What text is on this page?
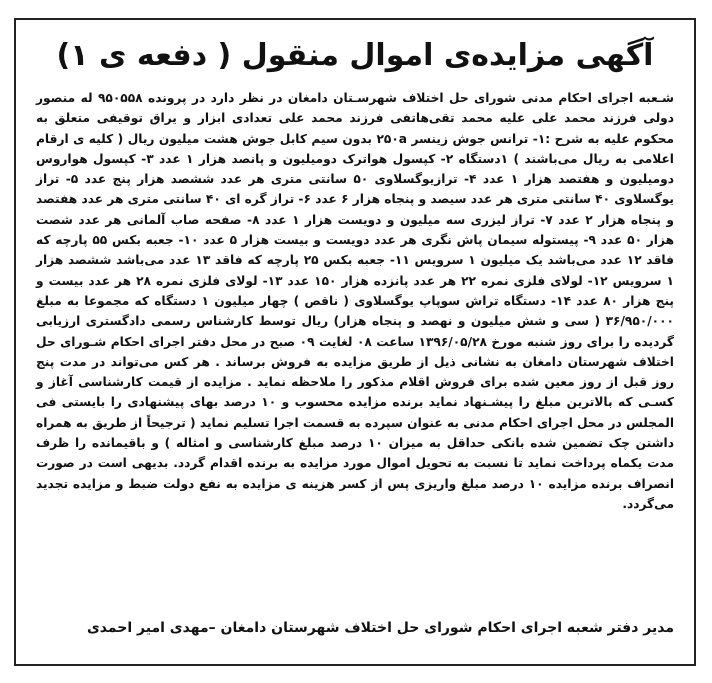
آگهی مزایده‌ی اموال منقول ( دفعه ی ۱)

شـعبه اجرای احکام مدنی شورای حل اختلاف شهرسـتان دامغان در نظر دارد در پرونده ۹۵۰۵۵۸ له منصور دولی فرزند محمد علی علیه محمد تقی‌هاتفی فرزند محمد علی تعدادی ابزار و یراق توقیفی متعلق به محکوم علیه به شرح :۱- ترانس جوش زینسر ۲۵۰a بدون سیم کابل جوش هشت میلیون ریال ( کلیه ی ارقام اعلامی به ریال می‌باشند ) ۱دستگاه ۲- کپسول هواترک دومیلیون و پانصد هزار ۱ عدد ۳- کپسول هواروس دومیلیون و هفتصد هزار ۱ عدد ۴- ترازیوگسلاوی ۵۰ سانتی متری هر عدد ششصد هزار پنج عدد ۵- تراز یوگسلاوی ۴۰ سانتی متری هر عدد سیصد و پنجاه هزار ۶ عدد ۶- تراز گره ای ۴۰ سانتی متری هر عدد هفتصد و پنجاه هزار ۲ عدد ۷- تراز لیزری سه میلیون و دویست هزار ۱ عدد ۸- صفحه صاب آلمانی هر عدد شصت هزار ۵۰ عدد ۹- پیستوله سیمان پاش نگری هر عدد دویست و بیست هزار ۵ عدد ۱۰- جعبه بکس ۵۵ پارچه که فاقد ۱۲ عدد می‌باشد یک میلیون ۱ سرویس ۱۱- جعبه بکس ۲۵ پارچه که فاقد ۱۳ عدد می‌باشد ششصد هزار ۱ سرویس ۱۲- لولای فلزی نمره ۲۲ هر عدد پانزده هزار ۱۵۰ عدد ۱۳- لولای فلزی نمره ۲۸ هر عدد بیست و پنج هزار ۸۰ عدد ۱۴- دستگاه تراش سوپاپ یوگسلاوی ( ناقص ) چهار میلیون ۱ دستگاه که مجموعا به مبلغ ۳۶/۹۵۰/۰۰۰ ( سی و شش میلیون و نهصد و پنجاه هزار) ریال توسط کارشناس رسمی دادگستری ارزیابی گردیده را برای روز شنبه مورخ ۱۳۹۶/۰۵/۲۸ ساعت ۰۸ لغایت ۰۹ صبح در محل دفتر اجرای احکام شـورای حل اختلاف شهرستان دامغان به نشانی ذیل از طریق مزایده به فروش برساند . هر کس می‌تواند در مدت پنج روز قبل از روز معین شده برای فروش اقلام مذکور را ملاحظه نماید . مزایده از قیمت کارشناسی آغاز و کسـی که بالاترین مبلغ را پیشـنهاد نماید برنده مزایده محسوب و ۱۰ درصد بهای پیشنهادی را بایستی فی المجلس در محل اجرای احکام مدنی به عنوان سپرده به قسمت اجرا تسلیم نماید ( ترجیحاً از طریق به همراه داشتن چک تضمین شده بانکی حداقل به میزان ۱۰ درصد مبلغ کارشناسی و امثاله ) و باقیمانده را ظرف مدت یکماه پرداخت نماید تا نسبت به تحویل اموال مورد مزایده به برنده اقدام گردد. بدیهی است در صورت انصراف برنده مزایده ۱۰ درصد مبلغ واریزی پس از کسر هزینه ی مزایده به نفع دولت ضبط و مزایده تجدید می‌گردد.

مدیر دفتر شعبه اجرای احکام شورای حل اختلاف شهرستان دامغان –مهدی امیر احمدی
